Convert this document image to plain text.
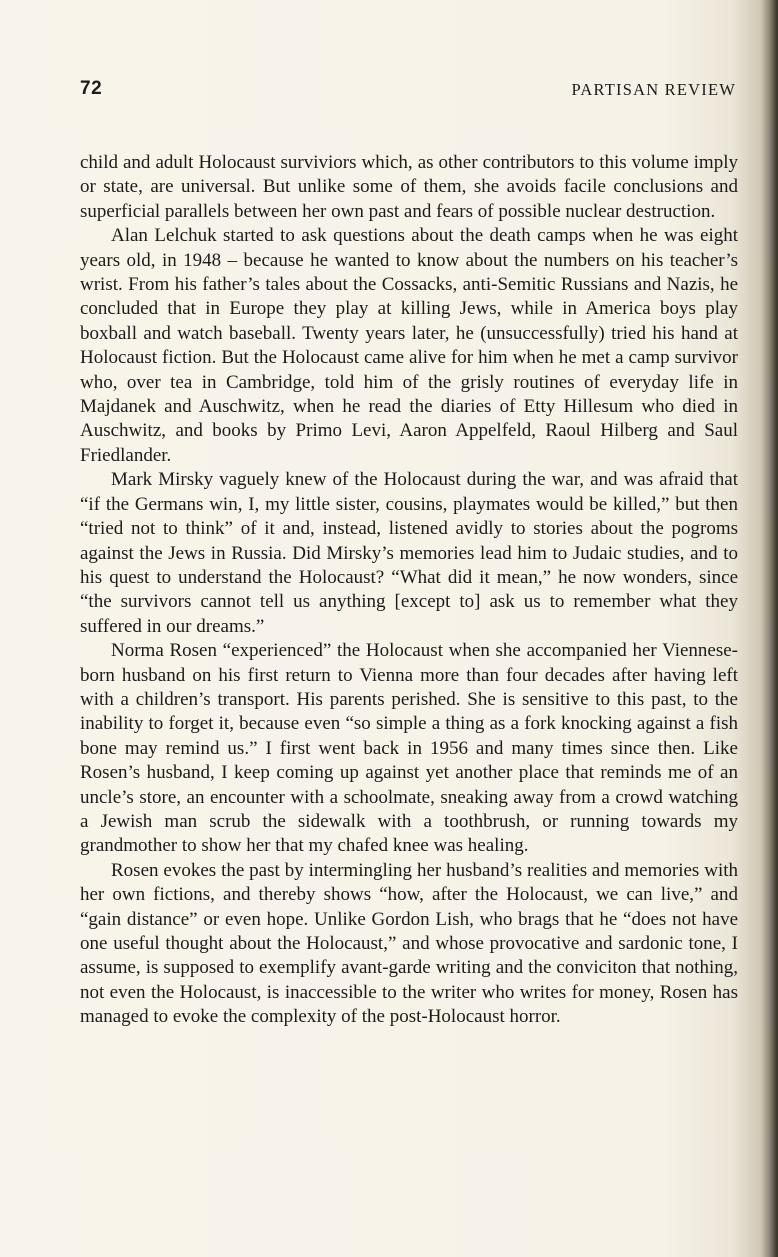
72	PARTISAN REVIEW

child and adult Holocaust surviviors which, as other contributors to this volume imply or state, are universal. But unlike some of them, she avoids facile conclusions and superficial parallels between her own past and fears of possible nuclear destruction.

Alan Lelchuk started to ask questions about the death camps when he was eight years old, in 1948 – because he wanted to know about the numbers on his teacher’s wrist. From his father’s tales about the Cossacks, anti-Semitic Russians and Nazis, he concluded that in Europe they play at killing Jews, while in America boys play boxball and watch baseball. Twenty years later, he (unsuccessfully) tried his hand at Holocaust fiction. But the Holocaust came alive for him when he met a camp survivor who, over tea in Cambridge, told him of the grisly routines of everyday life in Majdanek and Auschwitz, when he read the diaries of Etty Hillesum who died in Auschwitz, and books by Primo Levi, Aaron Appelfeld, Raoul Hilberg and Saul Friedlander.

Mark Mirsky vaguely knew of the Holocaust during the war, and was afraid that “if the Germans win, I, my little sister, cousins, playmates would be killed,” but then “tried not to think” of it and, instead, listened avidly to stories about the pogroms against the Jews in Russia. Did Mirsky’s memories lead him to Judaic studies, and to his quest to understand the Holocaust? “What did it mean,” he now wonders, since “the survivors cannot tell us anything [except to] ask us to remember what they suffered in our dreams.”

Norma Rosen “experienced” the Holocaust when she accompanied her Viennese-born husband on his first return to Vienna more than four decades after having left with a children’s transport. His parents perished. She is sensitive to this past, to the inability to forget it, because even “so simple a thing as a fork knocking against a fish bone may remind us.” I first went back in 1956 and many times since then. Like Rosen’s husband, I keep coming up against yet another place that reminds me of an uncle’s store, an encounter with a schoolmate, sneaking away from a crowd watching a Jewish man scrub the sidewalk with a toothbrush, or running towards my grandmother to show her that my chafed knee was healing.

Rosen evokes the past by intermingling her husband’s realities and memories with her own fictions, and thereby shows “how, after the Holocaust, we can live,” and “gain distance” or even hope. Unlike Gordon Lish, who brags that he “does not have one useful thought about the Holocaust,” and whose provocative and sardonic tone, I assume, is supposed to exemplify avant-garde writing and the conviciton that nothing, not even the Holocaust, is inaccessible to the writer who writes for money, Rosen has managed to evoke the complexity of the post-Holocaust horror.
